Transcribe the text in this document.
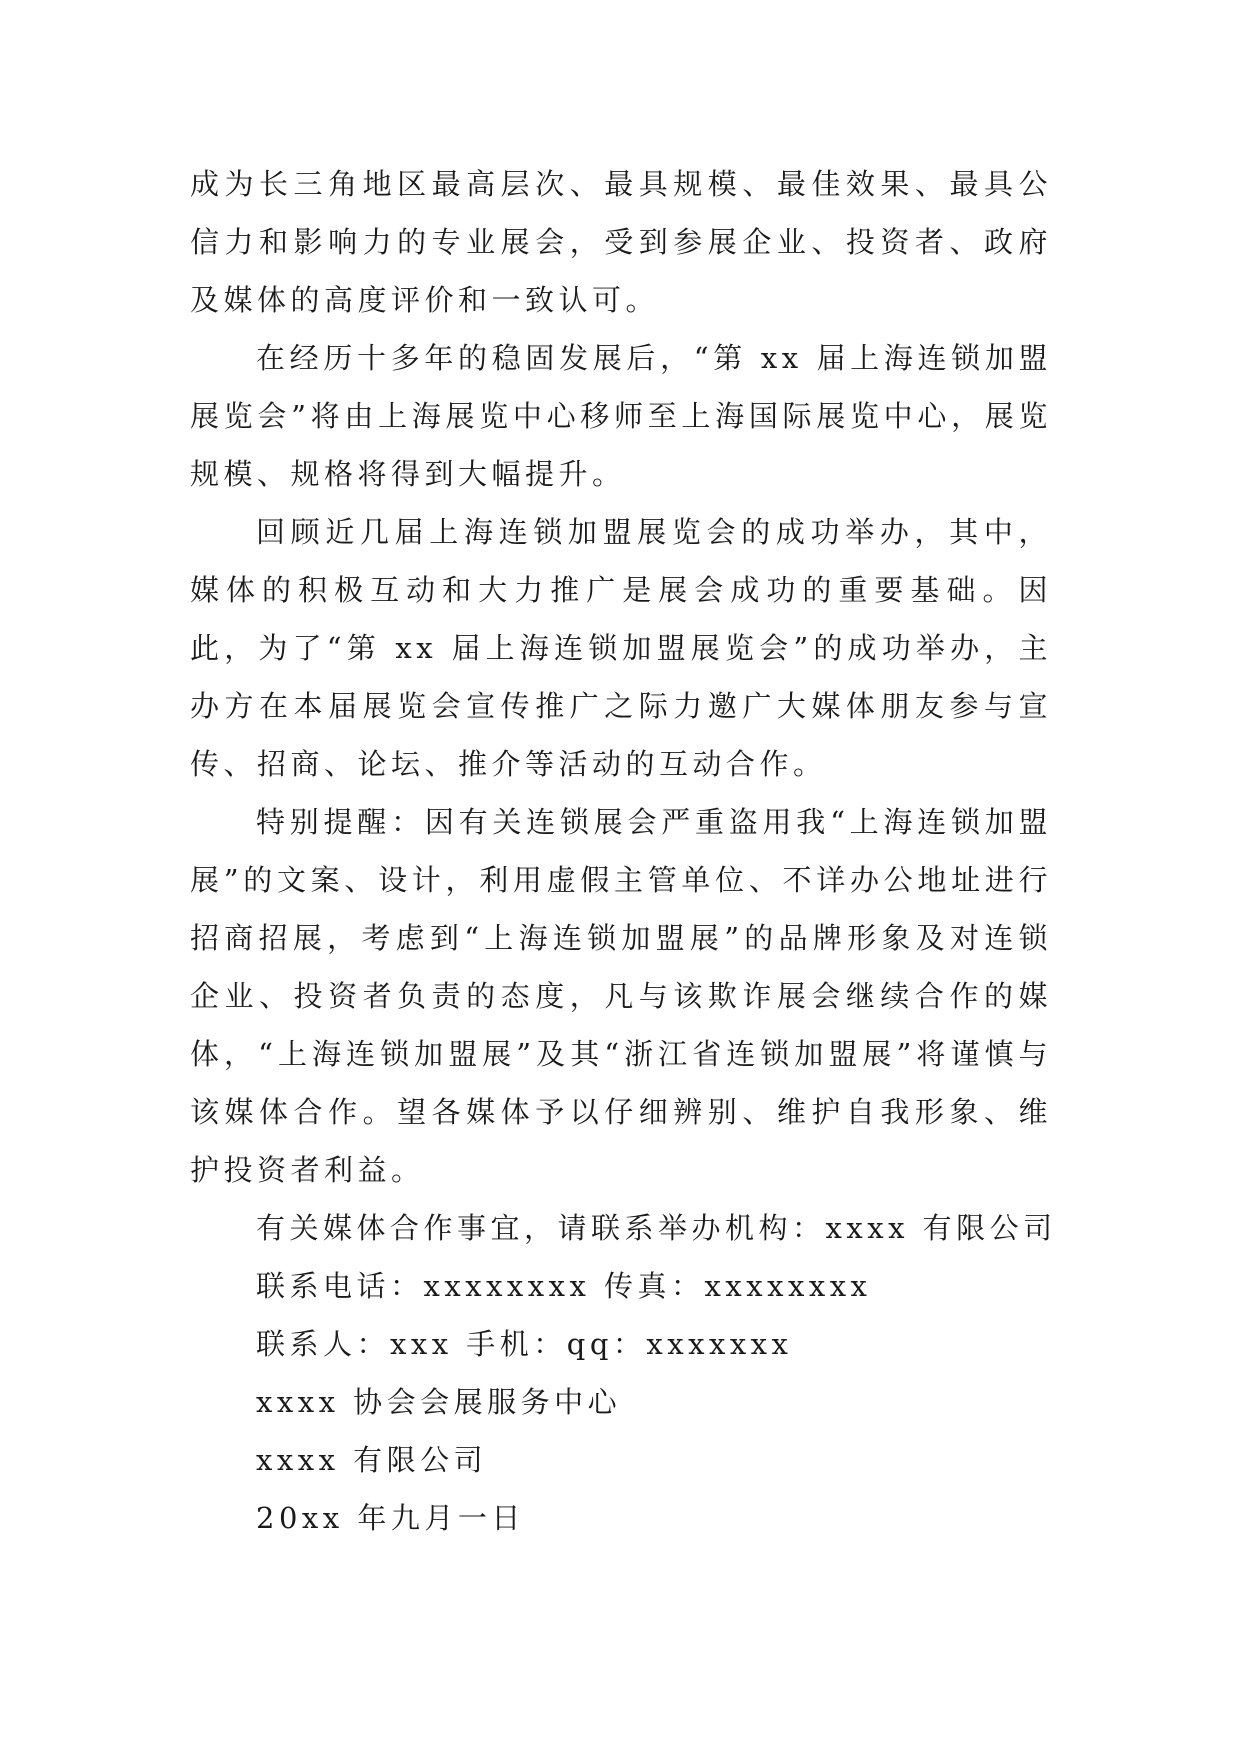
成为长三角地区最高层次、最具规模、最佳效果、最具公信力和影响力的专业展会，受到参展企业、投资者、政府及媒体的高度评价和一致认可。

在经历十多年的稳固发展后，“第 xx 届上海连锁加盟展览会”将由上海展览中心移师至上海国际展览中心，展览规模、规格将得到大幅提升。

回顾近几届上海连锁加盟展览会的成功举办，其中，媒体的积极互动和大力推广是展会成功的重要基础。因此，为了“第 xx 届上海连锁加盟展览会”的成功举办，主办方在本届展览会宣传推广之际力邀广大媒体朋友参与宣传、招商、论坛、推介等活动的互动合作。

特别提醒：因有关连锁展会严重盗用我“上海连锁加盟展”的文案、设计，利用虚假主管单位、不详办公地址进行招商招展，考虑到“上海连锁加盟展”的品牌形象及对连锁企业、投资者负责的态度，凡与该欺诈展会继续合作的媒体，“上海连锁加盟展”及其“浙江省连锁加盟展”将谨慎与该媒体合作。望各媒体予以仔细辨别、维护自我形象、维护投资者利益。

有关媒体合作事宜，请联系举办机构：xxxx 有限公司

联系电话：xxxxxxxx 传真：xxxxxxxx

联系人：xxx 手机：qq：xxxxxxx

xxxx 协会会展服务中心

xxxx 有限公司

20xx 年九月一日
